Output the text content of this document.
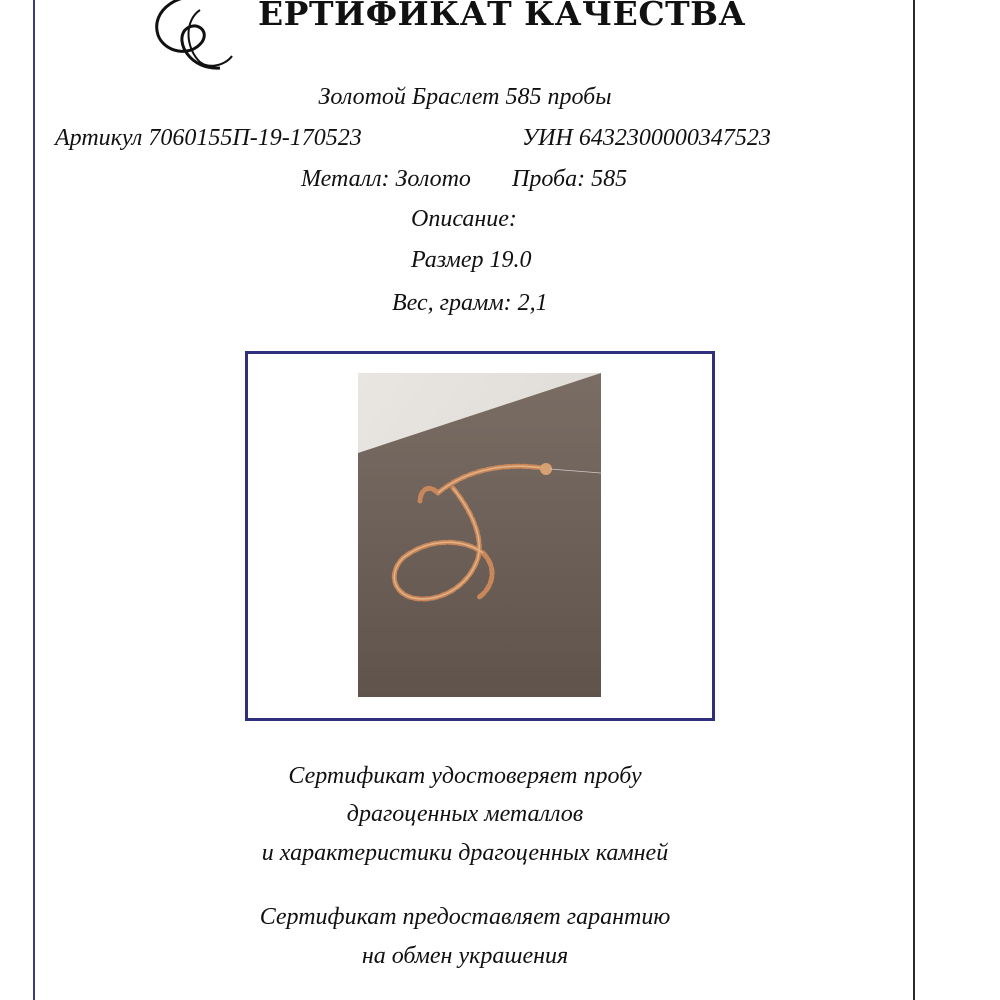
ЕРТИФИКАТ КАЧЕСТВА
Золотой Браслет 585 пробы
Артикул 7060155П-19-170523	УИН 6432300000347523
Металл: Золото Проба: 585
Описание:
Размер 19.0
Вес, грамм: 2,1
Сертификат удостоверяет пробу
драгоценных металлов
и характеристики драгоценных камней
Сертификат предоставляет гарантию
на обмен украшения
